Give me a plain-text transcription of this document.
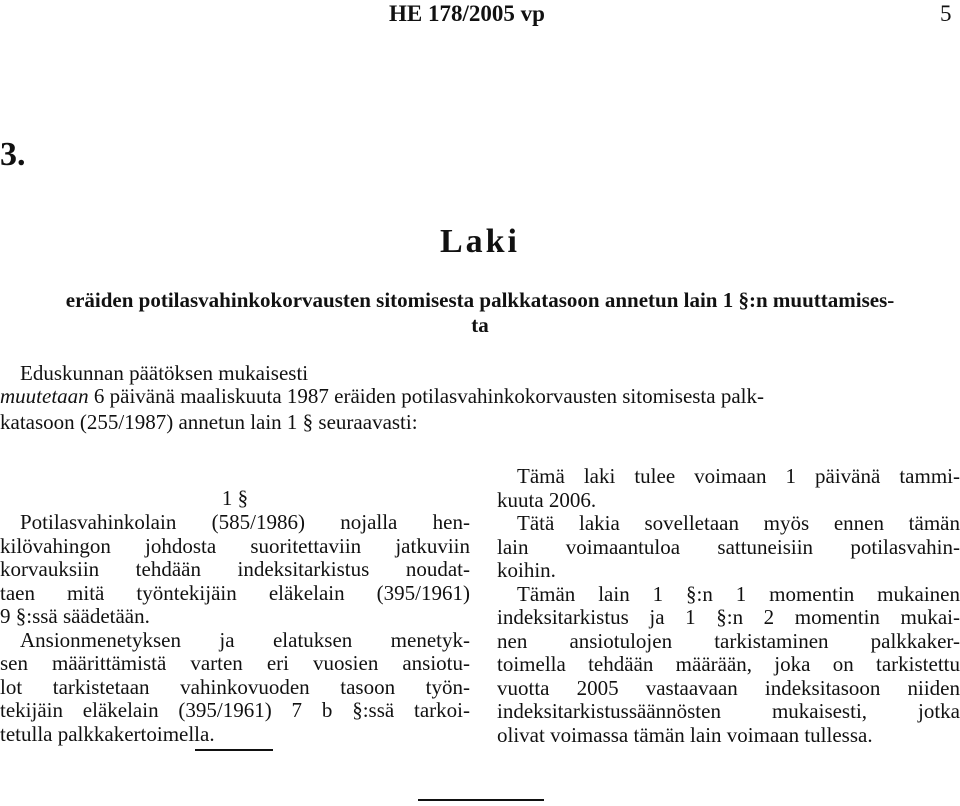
HE 178/2005 vp	5
3.
Laki
eräiden potilasvahinkokorvausten sitomisesta palkkatasoon annetun lain 1 §:n muuttamises-
ta
Eduskunnan päätöksen mukaisesti
muutetaan 6 päivänä maaliskuuta 1987 eräiden potilasvahinkokorvausten sitomisesta palk-
katasoon (255/1987) annetun lain 1 § seuraavasti:
1 §
Potilasvahinkolain (585/1986) nojalla hen-
kilövahingon johdosta suoritettaviin jatkuviin
korvauksiin tehdään indeksitarkistus noudat-
taen mitä työntekijäin eläkelain (395/1961)
9 §:ssä säädetään.
Ansionmenetyksen ja elatuksen menetyk-
sen määrittämistä varten eri vuosien ansiotu-
lot tarkistetaan vahinkovuoden tasoon työn-
tekijäin eläkelain (395/1961) 7 b §:ssä tarkoi-
tetulla palkkakertoimella.
Tämä laki tulee voimaan 1 päivänä tammi-
kuuta 2006.
Tätä lakia sovelletaan myös ennen tämän
lain voimaantuloa sattuneisiin potilasvahin-
koihin.
Tämän lain 1 §:n 1 momentin mukainen
indeksitarkistus ja 1 §:n 2 momentin mukai-
nen ansiotulojen tarkistaminen palkkaker-
toimella tehdään määrään, joka on tarkistettu
vuotta 2005 vastaavaan indeksitasoon niiden
indeksitarkistussäännösten mukaisesti, jotka
olivat voimassa tämän lain voimaan tullessa.
